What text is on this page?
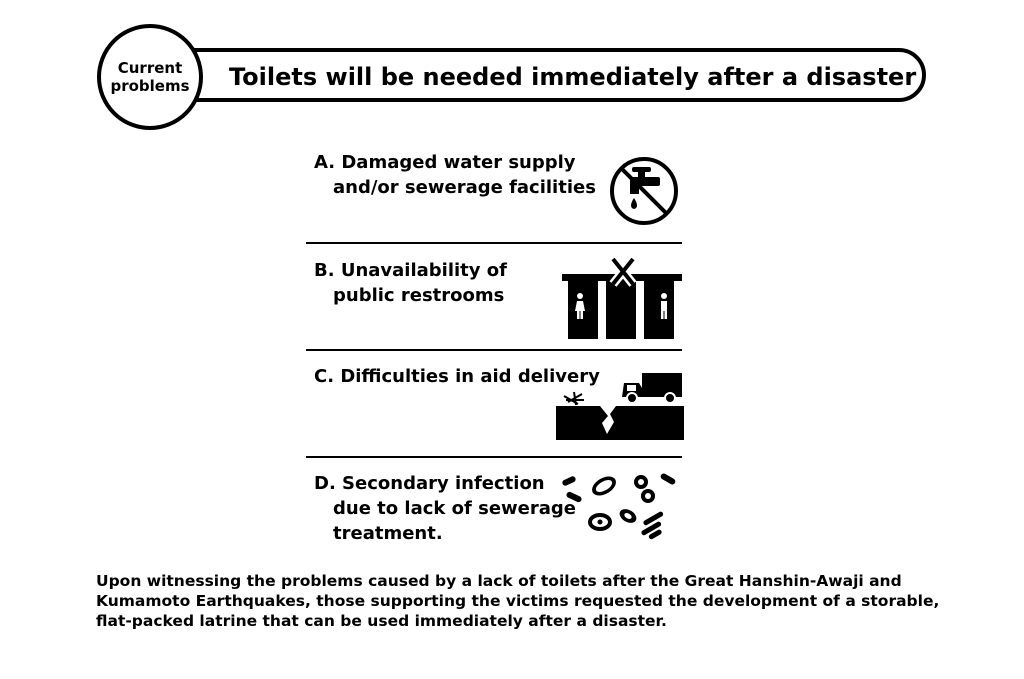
Toilets will be needed immediately after a disaster
Current
problems
A. Damaged water supply
and/or sewerage facilities
B. Unavailability of
public restrooms
C. Difficulties in aid delivery
D. Secondary infection
due to lack of sewerage
treatment.
Upon witnessing the problems caused by a lack of toilets after the Great Hanshin-Awaji and Kumamoto Earthquakes, those supporting the victims requested the development of a storable, flat-packed latrine that can be used immediately after a disaster.
